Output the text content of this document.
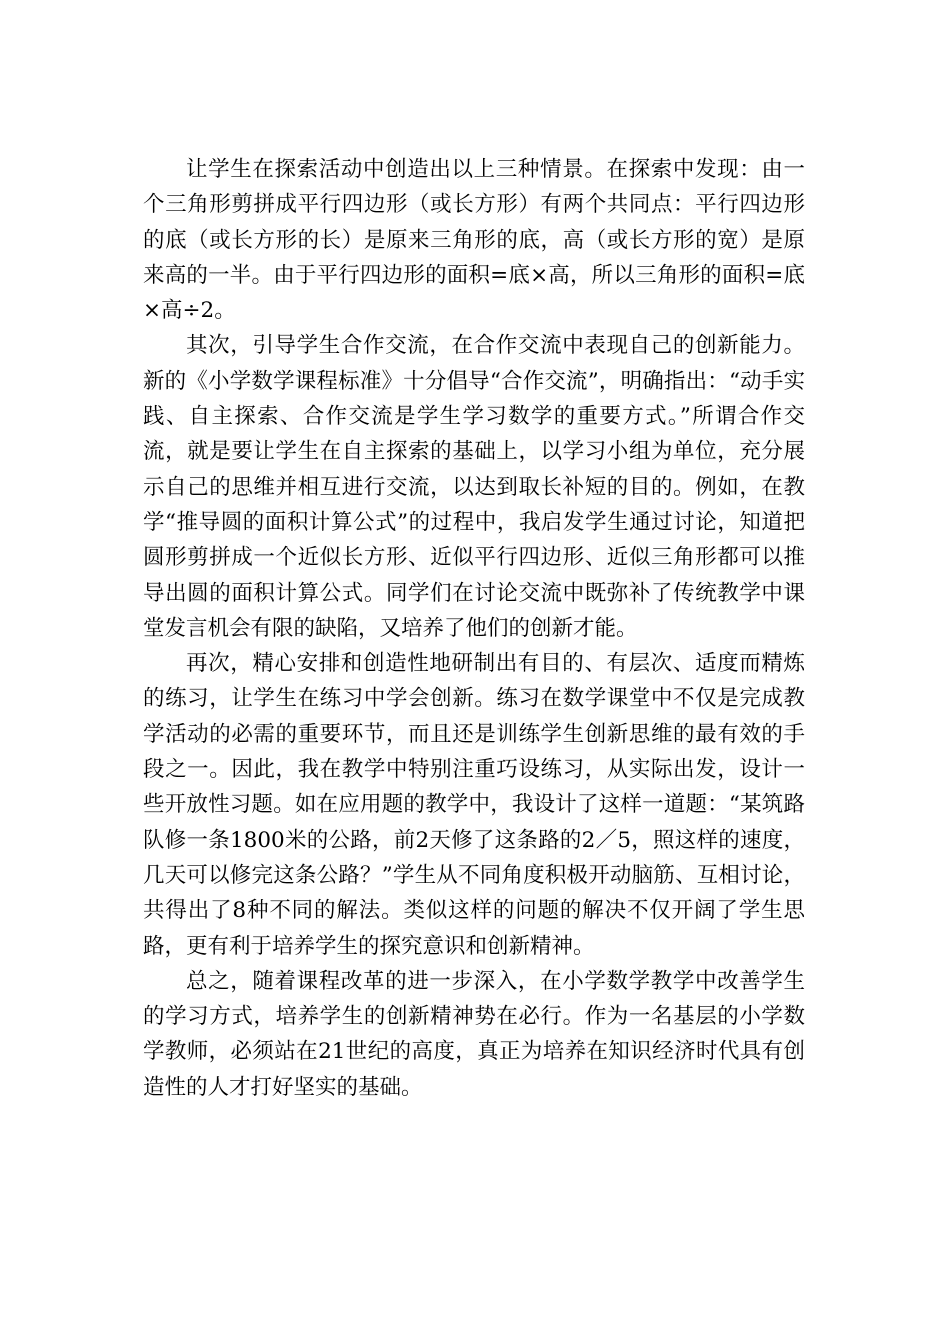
让学生在探索活动中创造出以上三种情景。在探索中发现：由一个三角形剪拼成平行四边形（或长方形）有两个共同点：平行四边形的底（或长方形的长）是原来三角形的底，高（或长方形的宽）是原来高的一半。由于平行四边形的面积=底×高，所以三角形的面积=底×高÷2。

其次，引导学生合作交流，在合作交流中表现自己的创新能力。新的《小学数学课程标准》十分倡导“合作交流”，明确指出：“动手实践、自主探索、合作交流是学生学习数学的重要方式。”所谓合作交流，就是要让学生在自主探索的基础上，以学习小组为单位，充分展示自己的思维并相互进行交流，以达到取长补短的目的。例如，在教学“推导圆的面积计算公式”的过程中，我启发学生通过讨论，知道把圆形剪拼成一个近似长方形、近似平行四边形、近似三角形都可以推导出圆的面积计算公式。同学们在讨论交流中既弥补了传统教学中课堂发言机会有限的缺陷，又培养了他们的创新才能。

再次，精心安排和创造性地研制出有目的、有层次、适度而精炼的练习，让学生在练习中学会创新。练习在数学课堂中不仅是完成教学活动的必需的重要环节，而且还是训练学生创新思维的最有效的手段之一。因此，我在教学中特别注重巧设练习，从实际出发，设计一些开放性习题。如在应用题的教学中，我设计了这样一道题：“某筑路队修一条1800米的公路，前2天修了这条路的2／5，照这样的速度，几天可以修完这条公路？”学生从不同角度积极开动脑筋、互相讨论，共得出了8种不同的解法。类似这样的问题的解决不仅开阔了学生思路，更有利于培养学生的探究意识和创新精神。

总之，随着课程改革的进一步深入，在小学数学教学中改善学生的学习方式，培养学生的创新精神势在必行。作为一名基层的小学数学教师，必须站在21世纪的高度，真正为培养在知识经济时代具有创造性的人才打好坚实的基础。
